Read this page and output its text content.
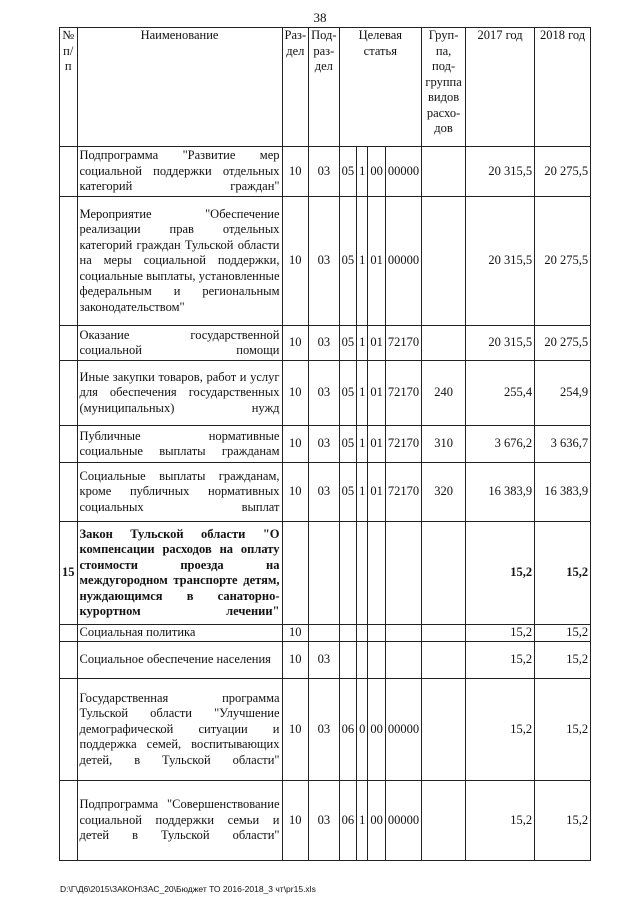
38
№ п/ п	Наименование	Раз- дел	Под- раз- дел	Целевая статья				Груп- па, под- группа видов расхо- дов	2017 год	2018 год
	Подпрограмма "Развитие мер социальной поддержки отдельных категорий граждан"	10	03	05	1	00	00000		20 315,5	20 275,5
	Мероприятие "Обеспечение реализации прав отдельных категорий граждан Тульской области на меры социальной поддержки, социальные выплаты, установленные федеральным и региональным законодательством"	10	03	05	1	01	00000		20 315,5	20 275,5
	Оказание государственной социальной помощи	10	03	05	1	01	72170		20 315,5	20 275,5
	Иные закупки товаров, работ и услуг для обеспечения государственных (муниципальных) нужд	10	03	05	1	01	72170	240	255,4	254,9
	Публичные нормативные социальные выплаты гражданам	10	03	05	1	01	72170	310	3 676,2	3 636,7
	Социальные выплаты гражданам, кроме публичных нормативных социальных выплат	10	03	05	1	01	72170	320	16 383,9	16 383,9
15	Закон Тульской области "О компенсации расходов на оплату стоимости проезда на междугородном транспорте детям, нуждающимся в санаторно-курортном лечении"								15,2	15,2
	Социальная политика	10							15,2	15,2
	Социальное обеспечение населения	10	03						15,2	15,2
	Государственная программа Тульской области "Улучшение демографической ситуации и поддержка семей, воспитывающих детей, в Тульской области"	10	03	06	0	00	00000		15,2	15,2
	Подпрограмма "Совершенствование социальной поддержки семьи и детей в Тульской области"	10	03	06	1	00	00000		15,2	15,2
D:\Г\Д6\2015\ЗАКОН\ЗАС_20\Бюджет ТО 2016-2018_3 чт\pr15.xls
